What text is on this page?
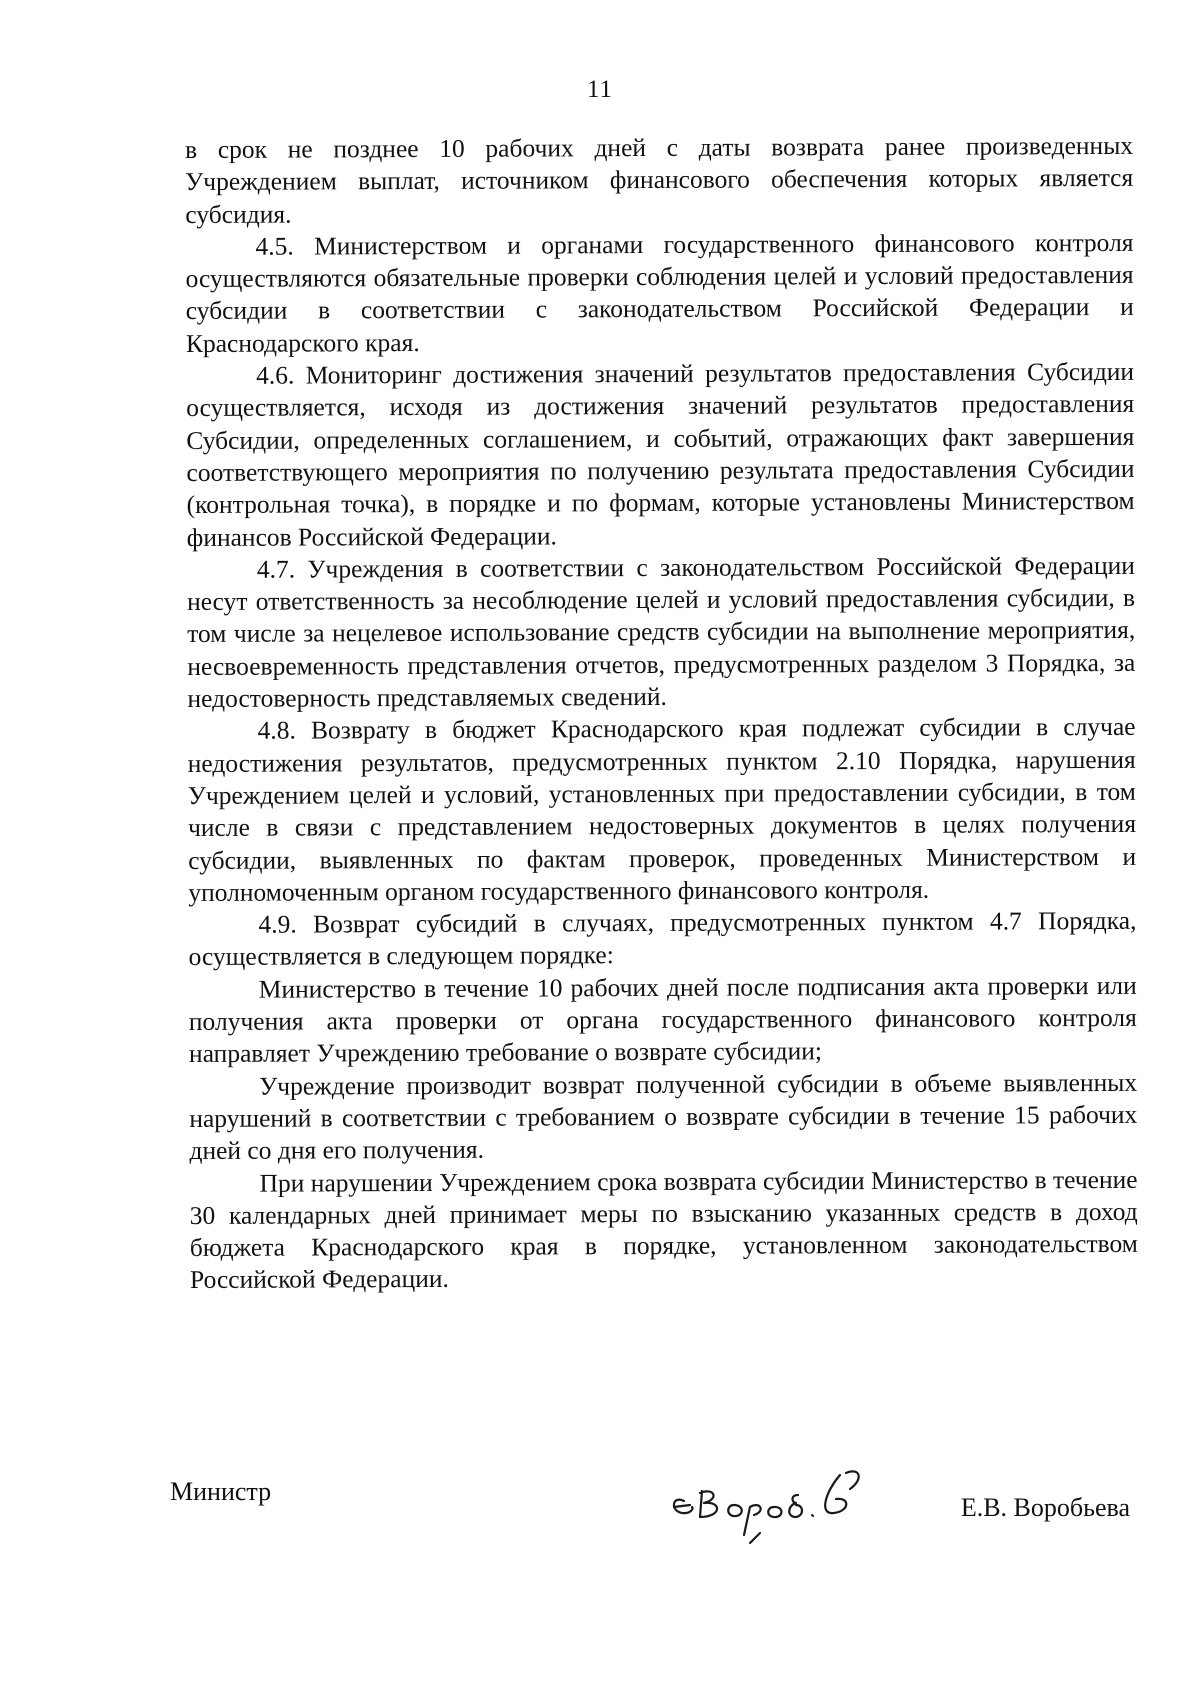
11

в срок не позднее 10 рабочих дней с даты возврата ранее произведенных Учреждением выплат, источником финансового обеспечения которых является субсидия.

4.5. Министерством и органами государственного финансового контроля осуществляются обязательные проверки соблюдения целей и условий предоставления субсидии в соответствии с законодательством Российской Федерации и Краснодарского края.

4.6. Мониторинг достижения значений результатов предоставления Субсидии осуществляется, исходя из достижения значений результатов предоставления Субсидии, определенных соглашением, и событий, отражающих факт завершения соответствующего мероприятия по получению результата предоставления Субсидии (контрольная точка), в порядке и по формам, которые установлены Министерством финансов Российской Федерации.

4.7. Учреждения в соответствии с законодательством Российской Федерации несут ответственность за несоблюдение целей и условий предоставления субсидии, в том числе за нецелевое использование средств субсидии на выполнение мероприятия, несвоевременность представления отчетов, предусмотренных разделом 3 Порядка, за недостоверность представляемых сведений.

4.8. Возврату в бюджет Краснодарского края подлежат субсидии в случае недостижения результатов, предусмотренных пунктом 2.10 Порядка, нарушения Учреждением целей и условий, установленных при предоставлении субсидии, в том числе в связи с представлением недостоверных документов в целях получения субсидии, выявленных по фактам проверок, проведенных Министерством и уполномоченным органом государственного финансового контроля.

4.9. Возврат субсидий в случаях, предусмотренных пунктом 4.7 Порядка, осуществляется в следующем порядке:

Министерство в течение 10 рабочих дней после подписания акта проверки или получения акта проверки от органа государственного финансового контроля направляет Учреждению требование о возврате субсидии;

Учреждение производит возврат полученной субсидии в объеме выявленных нарушений в соответствии с требованием о возврате субсидии в течение 15 рабочих дней со дня его получения.

При нарушении Учреждением срока возврата субсидии Министерство в течение 30 календарных дней принимает меры по взысканию указанных средств в доход бюджета Краснодарского края в порядке, установленном законодательством Российской Федерации.

Министр
Е.В. Воробьева
